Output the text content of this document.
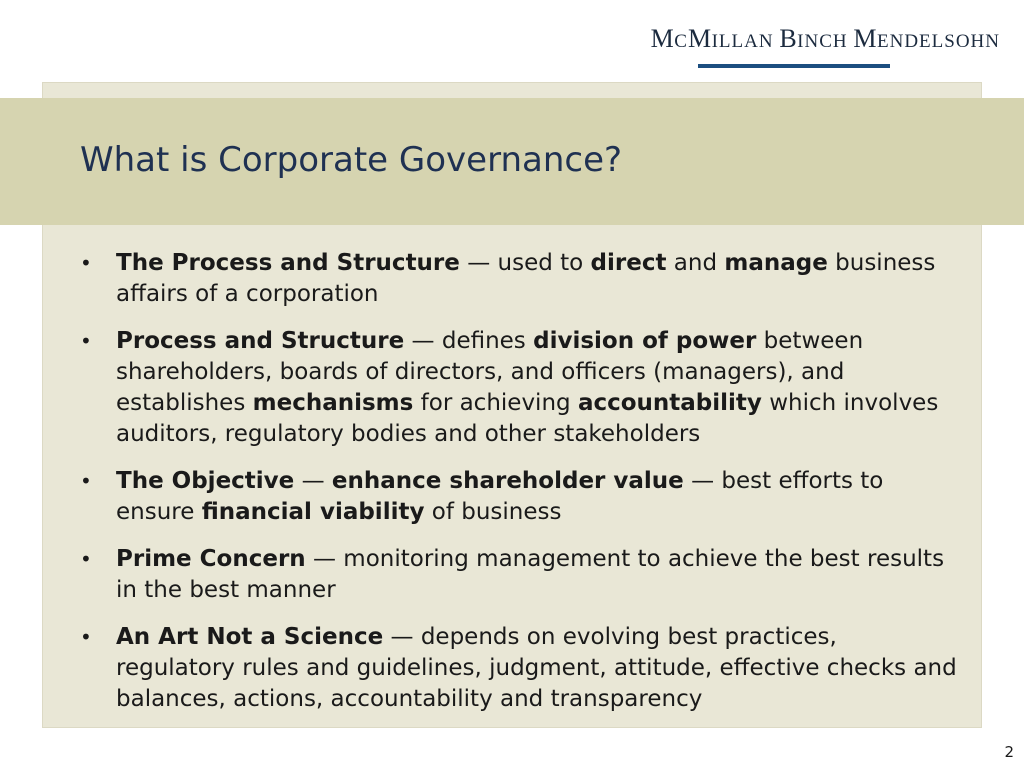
MCMILLAN BINCH MENDELSOHN
What is Corporate Governance?
• The Process and Structure — used to direct and manage business affairs of a corporation
• Process and Structure — defines division of power between shareholders, boards of directors, and officers (managers), and establishes mechanisms for achieving accountability which involves auditors, regulatory bodies and other stakeholders
• The Objective — enhance shareholder value — best efforts to ensure financial viability of business
• Prime Concern — monitoring management to achieve the best results in the best manner
• An Art Not a Science — depends on evolving best practices, regulatory rules and guidelines, judgment, attitude, effective checks and balances, actions, accountability and transparency
2
